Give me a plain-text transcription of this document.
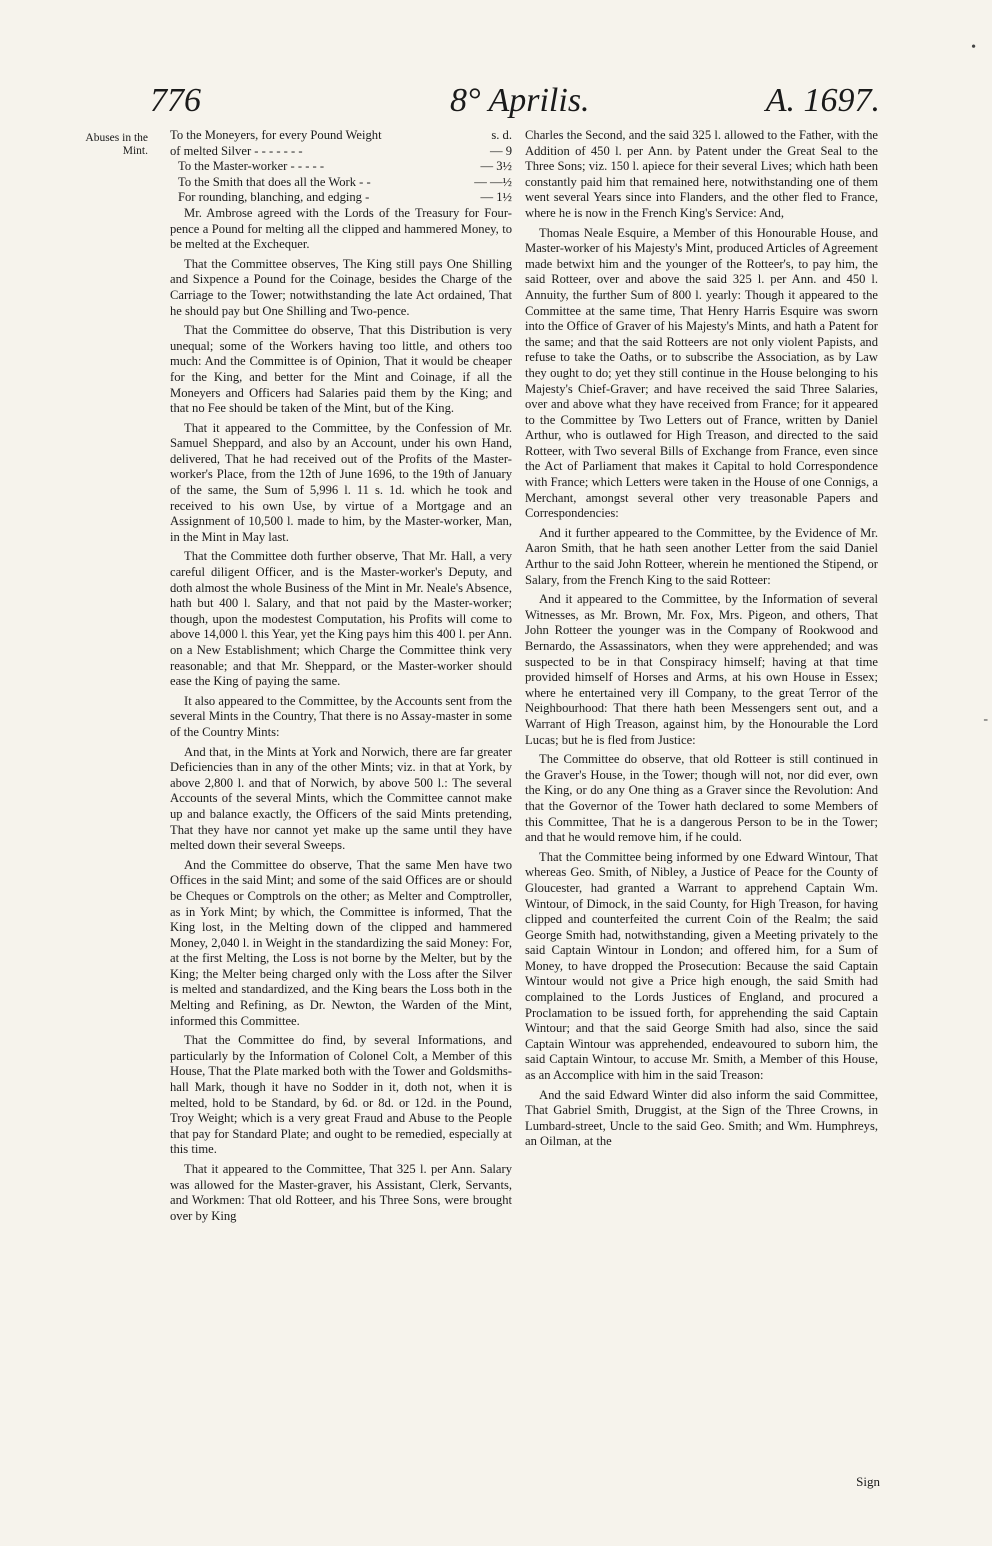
776	8° Aprilis.	A. 1697.
Abuses in the Mint.
To the Moneyers, for every Pound Weight	s. d.
of melted Silver - - - - - - -	— 9
To the Master-worker - - - - -	— 3½
To the Smith that does all the Work - -	— —½
For rounding, blanching, and edging -	— 1½

Mr. Ambrose agreed with the Lords of the Treasury for Four-pence a Pound for melting all the clipped and hammered Money, to be melted at the Exchequer.

That the Committee observes, The King still pays One Shilling and Sixpence a Pound for the Coinage, besides the Charge of the Carriage to the Tower; notwithstanding the late Act ordained, That he should pay but One Shilling and Two-pence.

That the Committee do observe, That this Distribution is very unequal; some of the Workers having too little, and others too much: And the Committee is of Opinion, That it would be cheaper for the King, and better for the Mint and Coinage, if all the Moneyers and Officers had Salaries paid them by the King; and that no Fee should be taken of the Mint, but of the King.

That it appeared to the Committee, by the Confession of Mr. Samuel Sheppard, and also by an Account, under his own Hand, delivered, That he had received out of the Profits of the Master-worker's Place, from the 12th of June 1696, to the 19th of January of the same, the Sum of 5,996 l. 11 s. 1d. which he took and received to his own Use, by virtue of a Mortgage and an Assignment of 10,500 l. made to him, by the Master-worker, Man, in the Mint in May last.

That the Committee doth further observe, That Mr. Hall, a very careful diligent Officer, and is the Master-worker's Deputy, and doth almost the whole Business of the Mint in Mr. Neale's Absence, hath but 400 l. Salary, and that not paid by the Master-worker; though, upon the modestest Computation, his Profits will come to above 14,000 l. this Year, yet the King pays him this 400 l. per Ann. on a New Establishment; which Charge the Committee think very reasonable; and that Mr. Sheppard, or the Master-worker should ease the King of paying the same.

It also appeared to the Committee, by the Accounts sent from the several Mints in the Country, That there is no Assay-master in some of the Country Mints:

And that, in the Mints at York and Norwich, there are far greater Deficiencies than in any of the other Mints; viz. in that at York, by above 2,800 l. and that of Norwich, by above 500 l.: The several Accounts of the several Mints, which the Committee cannot make up and balance exactly, the Officers of the said Mints pretending, That they have nor cannot yet make up the same until they have melted down their several Sweeps.

And the Committee do observe, That the same Men have two Offices in the said Mint; and some of the said Offices are or should be Cheques or Comptrols on the other; as Melter and Comptroller, as in York Mint; by which, the Committee is informed, That the King lost, in the Melting down of the clipped and hammered Money, 2,040 l. in Weight in the standardizing the said Money: For, at the first Melting, the Loss is not borne by the Melter, but by the King; the Melter being charged only with the Loss after the Silver is melted and standardized, and the King bears the Loss both in the Melting and Refining, as Dr. Newton, the Warden of the Mint, informed this Committee.

That the Committee do find, by several Informations, and particularly by the Information of Colonel Colt, a Member of this House, That the Plate marked both with the Tower and Goldsmiths-hall Mark, though it have no Sodder in it, doth not, when it is melted, hold to be Standard, by 6d. or 8d. or 12d. in the Pound, Troy Weight; which is a very great Fraud and Abuse to the People that pay for Standard Plate; and ought to be remedied, especially at this time.

That it appeared to the Committee, That 325 l. per Ann. Salary was allowed for the Master-graver, his Assistant, Clerk, Servants, and Workmen: That old Rotteer, and his Three Sons, were brought over by King

Charles the Second, and the said 325 l. allowed to the Father, with the Addition of 450 l. per Ann. by Patent under the Great Seal to the Three Sons; viz. 150 l. apiece for their several Lives; which hath been constantly paid him that remained here, notwithstanding one of them went several Years since into Flanders, and the other fled to France, where he is now in the French King's Service: And,

Thomas Neale Esquire, a Member of this Honourable House, and Master-worker of his Majesty's Mint, produced Articles of Agreement made betwixt him and the younger of the Rotteer's, to pay him, the said Rotteer, over and above the said 325 l. per Ann. and 450 l. Annuity, the further Sum of 800 l. yearly: Though it appeared to the Committee at the same time, That Henry Harris Esquire was sworn into the Office of Graver of his Majesty's Mints, and hath a Patent for the same; and that the said Rotteers are not only violent Papists, and refuse to take the Oaths, or to subscribe the Association, as by Law they ought to do; yet they still continue in the House belonging to his Majesty's Chief-Graver; and have received the said Three Salaries, over and above what they have received from France; for it appeared to the Committee by Two Letters out of France, written by Daniel Arthur, who is outlawed for High Treason, and directed to the said Rotteer, with Two several Bills of Exchange from France, even since the Act of Parliament that makes it Capital to hold Correspondence with France; which Letters were taken in the House of one Connigs, a Merchant, amongst several other very treasonable Papers and Correspondencies:

And it further appeared to the Committee, by the Evidence of Mr. Aaron Smith, that he hath seen another Letter from the said Daniel Arthur to the said John Rotteer, wherein he mentioned the Stipend, or Salary, from the French King to the said Rotteer:

And it appeared to the Committee, by the Information of several Witnesses, as Mr. Brown, Mr. Fox, Mrs. Pigeon, and others, That John Rotteer the younger was in the Company of Rookwood and Bernardo, the Assassinators, when they were apprehended; and was suspected to be in that Conspiracy himself; having at that time provided himself of Horses and Arms, at his own House in Essex; where he entertained very ill Company, to the great Terror of the Neighbourhood: That there hath been Messengers sent out, and a Warrant of High Treason, against him, by the Honourable the Lord Lucas; but he is fled from Justice:

The Committee do observe, that old Rotteer is still continued in the Graver's House, in the Tower; though will not, nor did ever, own the King, or do any One thing as a Graver since the Revolution: And that the Governor of the Tower hath declared to some Members of this Committee, That he is a dangerous Person to be in the Tower; and that he would remove him, if he could.

That the Committee being informed by one Edward Wintour, That whereas Geo. Smith, of Nibley, a Justice of Peace for the County of Gloucester, had granted a Warrant to apprehend Captain Wm. Wintour, of Dimock, in the said County, for High Treason, for having clipped and counterfeited the current Coin of the Realm; the said George Smith had, notwithstanding, given a Meeting privately to the said Captain Wintour in London; and offered him, for a Sum of Money, to have dropped the Prosecution: Because the said Captain Wintour would not give a Price high enough, the said Smith had complained to the Lords Justices of England, and procured a Proclamation to be issued forth, for apprehending the said Captain Wintour; and that the said George Smith had also, since the said Captain Wintour was apprehended, endeavoured to suborn him, the said Captain Wintour, to accuse Mr. Smith, a Member of this House, as an Accomplice with him in the said Treason:

And the said Edward Winter did also inform the said Committee, That Gabriel Smith, Druggist, at the Sign of the Three Crowns, in Lumbard-street, Uncle to the said Geo. Smith; and Wm. Humphreys, an Oilman, at the

Sign
•
-
